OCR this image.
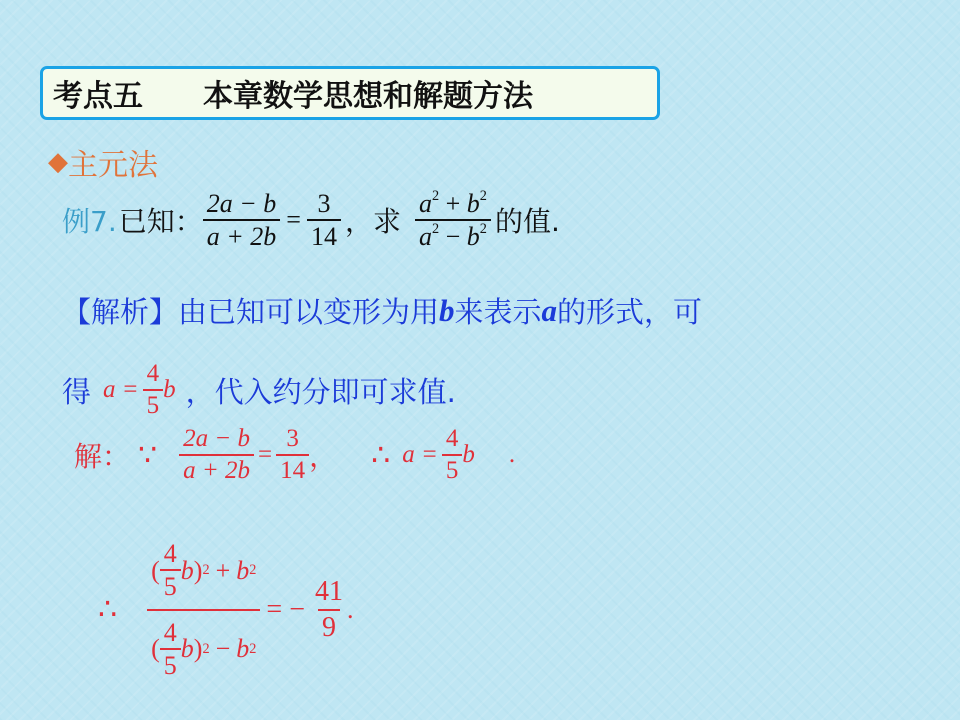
考点五 本章数学思想和解题方法
◆ 主元法
例7. 已知： $\frac{2a - b}{a + 2b} = \frac{3}{14}$ ，求 $\frac{a^2 + b^2}{a^2 - b^2}$ 的值.
【解析】由已知可以变形为用 b 来表示 a 的形式，可
得 $a = \frac{4}{5}$ b ，代入约分即可求值.
解： ∵ $\frac{2a - b}{a + 2b} = \frac{3}{14}$ ， ∴ $a = \frac{4}{5}$ b .
∴
( $\frac{4}{5}$ b ) 2 + b 2
( $\frac{4}{5}$ b ) 2 − b 2
= − $\frac{41}{9}$ .
